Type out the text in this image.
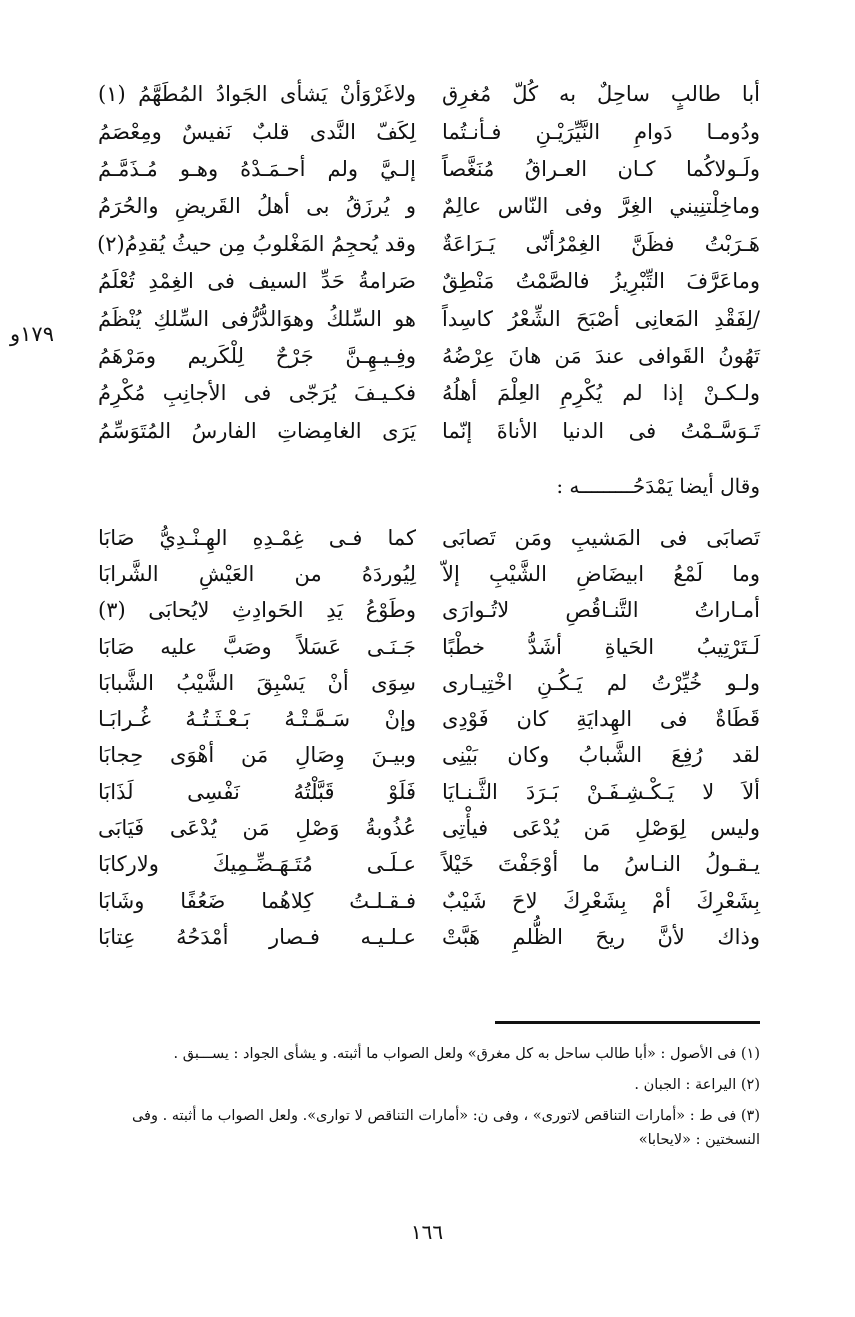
١٧٩و
أبا طالبٍ ساحِلٌ به كُلّ مُغرِق
ولاغَرْوَأنْ يَشأى الجَوادُ المُطَهَّمُ (١)
ودُومـا دَوامِ النَّيِّرَيْـنِ فـأنـتُما
لِكَفّ النَّدى قلبٌ نَفيسٌ ومِعْصَمُ
ولَـولاكُما كـان العـراقُ مُنَغَّصاً
إلـيَّ ولم أحـمَـدْهُ وهـو مُـذَمَّـمُ
وماخِلْتنِيني الغِرَّ وفى النّاس عالِمٌ
و يُرزَقُ بى أهلُ القَريضِ والحُرَمُ
هَـرَبْتُ فظَنَّ الغِمْرُأنّى يَـرَاعَةٌ
وقد يُحجِمُ المَغْلوبُ مِن حيثُ يُقدِمُ(٢)
وماعَرَّفَ التِّبْرِيزُ فالصَّمْتُ مَنْطِقٌ
صَرامةُ حَدِّ السيف فى الغِمْدِ تُعْلَمُ
/لِفَقْدِ المَعانِى أصْبَحَ الشِّعْرُ كاسِداً
هو السِّلكُ وهوَالدُّرُّفى السِّلكِ يُنْظَمُ
تَهُونُ القَوافى عندَ مَن هانَ عِرْضُهُ
وفِـيـهِـنَّ جَرْحٌ لِلْكَريم ومَرْهَمُ
ولـكـنْ إذا لم يُكْرِمِ العِلْمَ أهلُهُ
فكـيـفَ يُرَجّى فى الأجانِبِ مُكْرِمُ
تَـوَسَّـمْتُ فى الدنيا الأناةَ إنّما
يَرَى الغامِضاتِ الفارسُ المُتَوَسِّمُ
وقال أيضا يَمْدَحُـــــــــه :
تَصابَى فى المَشيبِ ومَن تَصابَى
كما فـى غِمْـدِهِ الهِـنْـدِيُّ صَابَا
وما لَمْعُ ابيضَاضِ الشَّيْبِ إلاّ
لِيُوردَهُ من العَيْشِ الشَّرابَا
أمـاراتُ التَّنـاقُصِ لاتُـوارَى
وطَوْعُ يَدِ الحَوادِثِ لايُحابَى (٣)
لَـتَرْتِيبُ الحَياةِ أشَدُّ خطْبًا
جَـنَـى عَسَلاً وصَبَّ عليه صَابَا
ولـو خُيِّرْتُ لم يَـكُـنِ اخْتِيـارى
سِوَى أنْ يَسْبِقَ الشَّيْبُ الشَّبابَا
قَطَاةٌ فى الهِدايَةِ كان فَوْدِى
وإنْ سَـمَّـتْـهُ بَـعْـثَـتُـهُ غُـرابَـا
لقد رُفِعَ الشَّبابُ وكان بَيْنِى
وبيـنَ وِصَالِ مَن أهْوَى حِجابَا
ألاَ لا يَـكْـشِـفَـنْ بَـرَدَ الثَّـنـايَا
فَلَوْ قَبَّلْتُهُ نَفْسِى لَذَابَا
وليس لِوَصْلِ مَن يُدْعَى فيأْتِى
عُذُوبةُ وَصْلِ مَن يُدْعَى فَيَابَى
يـقـولُ النـاسُ ما أوْجَفْتَ خَيْلاً
عـلَـى مُتَـهَـضِّـمِيكَ ولاركابَا
بِشَعْرِكَ أمْ بِشَعْرِكَ لاحَ شَيْبٌ
فـقـلـتُ كِلاهُما ضَعُفًا وشَابَا
وذاك لأنَّ ريحَ الظُّلمِ هَبَّتْ
عـلـيـه فـصار أمْدَحُهُ عِتابَا

(١) فى الأصول : «أبا طالب ساحل به كل مغرق» ولعل الصواب ما أثبته. و يشأى الجواد : يســـبق .

(٢) اليراعة : الجبان .

(٣) فى ط : «أمارات التناقص لاتورى» ، وفى ن: «أمارات التناقص لا توارى». ولعل الصواب ما أثبته . وفى النسختين : «لايحابا»

١٦٦
